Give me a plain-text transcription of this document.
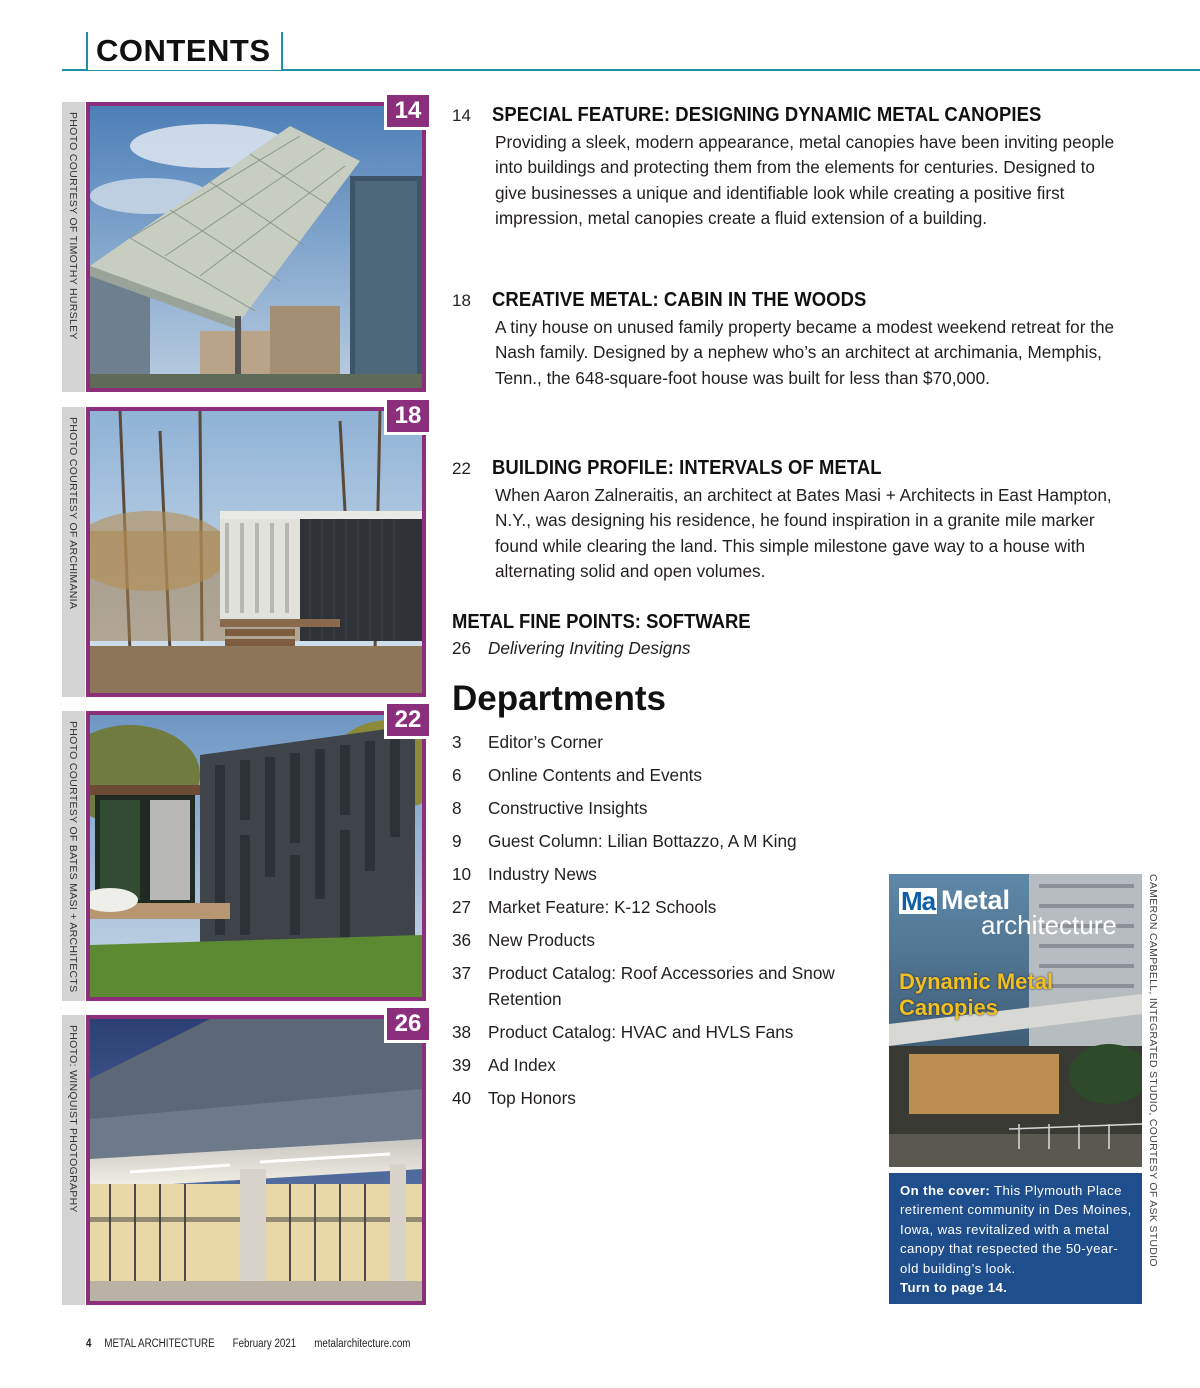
CONTENTS
PHOTO COURTESY OF TIMOTHY HURSLEY
14
PHOTO COURTESY OF ARCHIMANIA
18
PHOTO COURTESY OF BATES MASI + ARCHITECTS
22
PHOTO: WINQUIST PHOTOGRAPHY
26
14 SPECIAL FEATURE: DESIGNING DYNAMIC METAL CANOPIES

Providing a sleek, modern appearance, metal canopies have been inviting people into buildings and protecting them from the elements for centuries. Designed to give businesses a unique and identifiable look while creating a positive first impression, metal canopies create a fluid extension of a building.

18 CREATIVE METAL: CABIN IN THE WOODS

A tiny house on unused family property became a modest weekend retreat for the Nash family. Designed by a nephew who’s an architect at archimania, Memphis, Tenn., the 648-square-foot house was built for less than $70,000.

22 BUILDING PROFILE: INTERVALS OF METAL

When Aaron Zalneraitis, an architect at Bates Masi + Architects in East Hampton, N.Y., was designing his residence, he found inspiration in a granite mile marker found while clearing the land. This simple milestone gave way to a house with alternating solid and open volumes.

METAL FINE POINTS: SOFTWARE
26 Delivering Inviting Designs
Departments
3 Editor’s Corner
6 Online Contents and Events
8 Constructive Insights
9 Guest Column: Lilian Bottazzo, A M King
10 Industry News
27 Market Feature: K-12 Schools
36 New Products
37 Product Catalog: Roof Accessories and Snow Retention
38 Product Catalog: HVAC and HVLS Fans
39 Ad Index
40 Top Honors
Ma Metal
architecture
Dynamic Metal Canopies
On the cover: This Plymouth Place retirement community in Des Moines, Iowa, was revitalized with a metal canopy that respected the 50-year-old building’s look.
Turn to page 14.
CAMERON CAMPBELL, INTEGRATED STUDIO, COURTESY OF ASK STUDIO
4 METAL ARCHITECTURE February 2021 metalarchitecture.com
